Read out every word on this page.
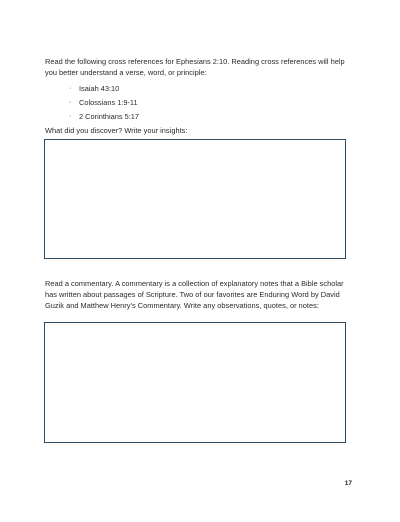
Read the following cross references for Ephesians 2:10. Reading cross references will help you better understand a verse, word, or principle:

·	Isaiah 43:10
·	Colossians 1:9-11
·	2 Corinthians 5:17

What did you discover? Write your insights:

Read a commentary. A commentary is a collection of explanatory notes that a Bible scholar has written about passages of Scripture. Two of our favorites are Enduring Word by David Guzik and Matthew Henry’s Commentary. Write any observations, quotes, or notes:

17
